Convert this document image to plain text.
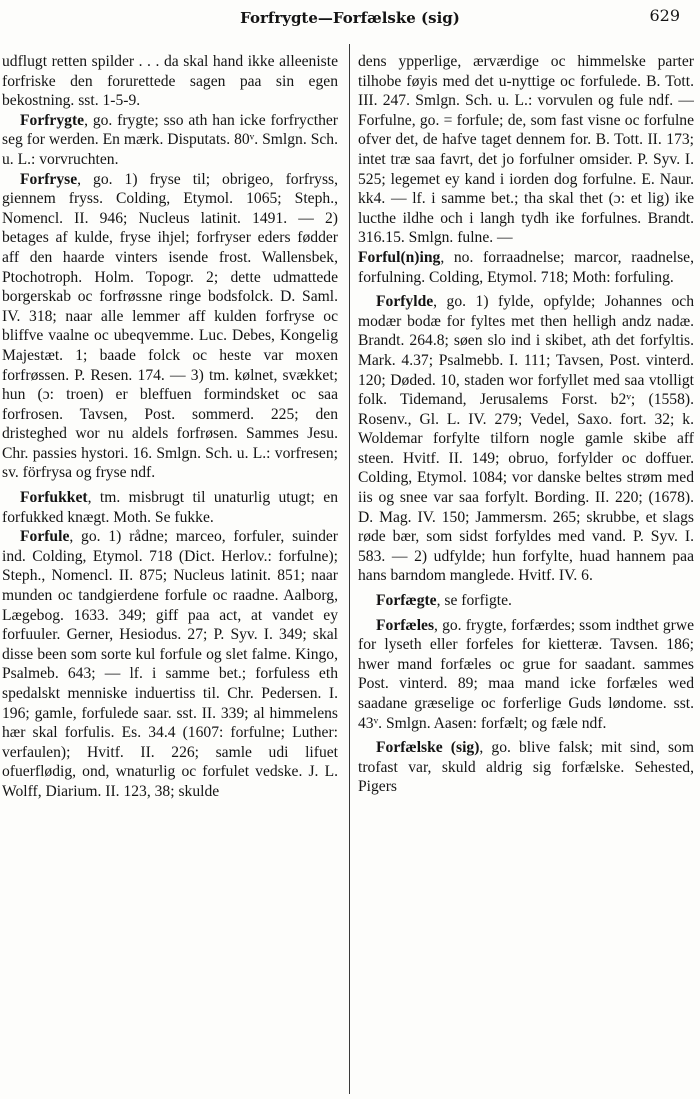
Forfrygte—Forfælske (sig)	629

udflugt retten spilder . . . da skal hand ikke alleeniste forfriske den forurettede sagen paa sin egen bekostning. sst. 1-5-9.

Forfrygte, go. frygte; sso ath han icke forfrycther seg for werden. En mærk. Disputats. 80ᵛ. Smlgn. Sch. u. L.: vorvruchten.

Forfryse, go. 1) fryse til; obrigeo, forfryss, giennem fryss. Colding, Etymol. 1065; Steph., Nomencl. II. 946; Nucleus latinit. 1491. — 2) betages af kulde, fryse ihjel; forfryser eders fødder aff den haarde vinters isende frost. Wallensbek, Ptochotroph. Holm. Topogr. 2; dette udmattede borgerskab oc forfrøssne ringe bodsfolck. D. Saml. IV. 318; naar alle lemmer aff kulden forfryse oc bliffve vaalne oc ubeqvemme. Luc. Debes, Kongelig Majestæt. 1; baade folck oc heste var moxen forfrøssen. P. Resen. 174. — 3) tm. kølnet, svækket; hun (ɔ: troen) er bleffuen formindsket oc saa forfrosen. Tavsen, Post. sommerd. 225; den dristeghed wor nu aldels forfrøsen. Sammes Jesu. Chr. passies hystori. 16. Smlgn. Sch. u. L.: vorfresen; sv. förfrysa og fryse ndf.

Forfukket, tm. misbrugt til unaturlig utugt; en forfukked knægt. Moth. Se fukke.

Forfule, go. 1) rådne; marceo, forfuler, suinder ind. Colding, Etymol. 718 (Dict. Herlov.: forfulne); Steph., Nomencl. II. 875; Nucleus latinit. 851; naar munden oc tandgierdene forfule oc raadne. Aalborg, Lægebog. 1633. 349; giff paa act, at vandet ey forfuuler. Gerner, Hesiodus. 27; P. Syv. I. 349; skal disse been som sorte kul forfule og slet falme. Kingo, Psalmeb. 643; — lf. i samme bet.; forfuless eth spedalskt menniske induertiss til. Chr. Pedersen. I. 196; gamle, forfulede saar. sst. II. 339; al himmelens hær skal forfulis. Es. 34.4 (1607: forfulne; Luther: verfaulen); Hvitf. II. 226; samle udi lifuet ofuerflødig, ond, wnaturlig oc forfulet vedske. J. L. Wolff, Diarium. II. 123, 38; skulde

dens ypperlige, ærværdige oc himmelske parter tilhobe føyis med det u-nyttige oc forfulede. B. Tott. III. 247. Smlgn. Sch. u. L.: vorvulen og fule ndf. — Forfulne, go. = forfule; de, som fast visne oc forfulne ofver det, de hafve taget dennem for. B. Tott. II. 173; intet træ saa favrt, det jo forfulner omsider. P. Syv. I. 525; legemet ey kand i iorden dog forfulne. E. Naur. kk4. — lf. i samme bet.; tha skal thet (ɔ: et lig) ike lucthe ildhe och i langh tydh ike forfulnes. Brandt. 316.15. Smlgn. fulne. —

Forful(n)ing, no. forraadnelse; marcor, raadnelse, forfulning. Colding, Etymol. 718; Moth: forfuling.

Forfylde, go. 1) fylde, opfylde; Johannes och modær bodæ for fyltes met then helligh andz nadæ. Brandt. 264.8; søen slo ind i skibet, ath det forfyltis. Mark. 4.37; Psalmebb. I. 111; Tavsen, Post. vinterd. 120; Døded. 10, staden wor forfyllet med saa vtolligt folk. Tidemand, Jerusalems Forst. b2ᵛ; (1558). Rosenv., Gl. L. IV. 279; Vedel, Saxo. fort. 32; k. Woldemar forfylte tilforn nogle gamle skibe aff steen. Hvitf. II. 149; obruo, forfylder oc doffuer. Colding, Etymol. 1084; vor danske beltes strøm med iis og snee var saa forfylt. Bording. II. 220; (1678). D. Mag. IV. 150; Jammersm. 265; skrubbe, et slags røde bær, som sidst forfyldes med vand. P. Syv. I. 583. — 2) udfylde; hun forfylte, huad hannem paa hans barndom manglede. Hvitf. IV. 6.

Forfægte, se forfigte.

Forfæles, go. frygte, forfærdes; ssom indthet grwe for lyseth eller forfeles for kietteræ. Tavsen. 186; hwer mand forfæles oc grue for saadant. sammes Post. vinterd. 89; maa mand icke forfæles wed saadane græselige oc forferlige Guds løndome. sst. 43ᵛ. Smlgn. Aasen: forfælt; og fæle ndf.

Forfælske (sig), go. blive falsk; mit sind, som trofast var, skuld aldrig sig forfælske. Sehested, Pigers
